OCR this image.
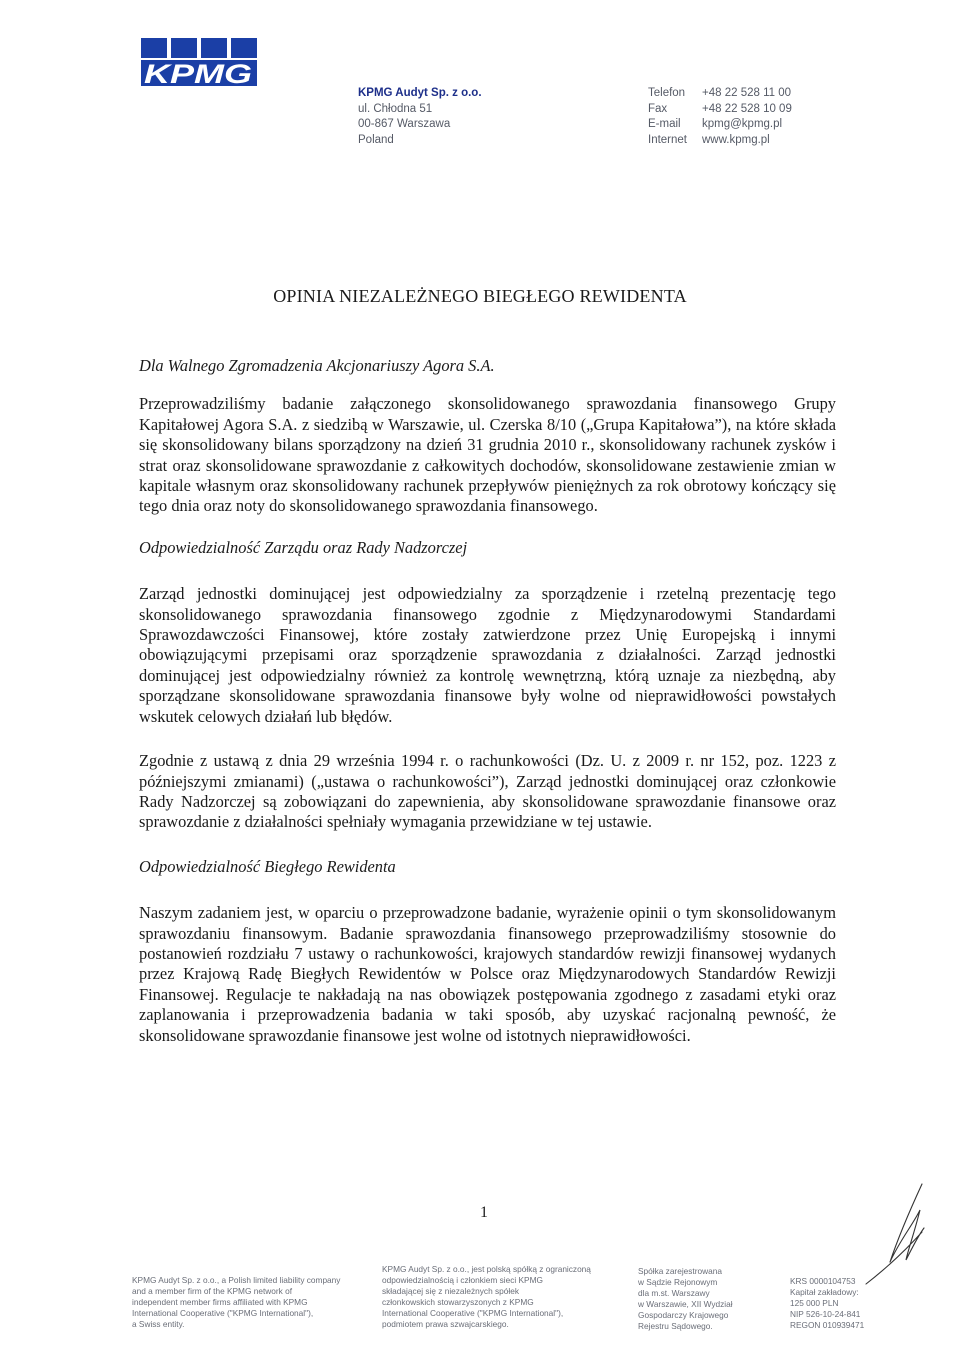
KPMG
KPMG Audyt Sp. z o.o.
ul. Chłodna 51
00-867 Warszawa
Poland
Telefon	+48 22 528 11 00
Fax	+48 22 528 10 09
E-mail	kpmg@kpmg.pl
Internet	www.kpmg.pl
OPINIA NIEZALEŻNEGO BIEGŁEGO REWIDENTA

Dla Walnego Zgromadzenia Akcjonariuszy Agora S.A.

Przeprowadziliśmy badanie załączonego skonsolidowanego sprawozdania finansowego Grupy Kapitałowej Agora S.A. z siedzibą w Warszawie, ul. Czerska 8/10 („Grupa Kapitałowa”), na które składa się skonsolidowany bilans sporządzony na dzień 31 grudnia 2010 r., skonsolidowany rachunek zysków i strat oraz skonsolidowane sprawozdanie z całkowitych dochodów, skonsolidowane zestawienie zmian w kapitale własnym oraz skonsolidowany rachunek przepływów pieniężnych za rok obrotowy kończący się tego dnia oraz noty do skonsolidowanego sprawozdania finansowego.

Odpowiedzialność Zarządu oraz Rady Nadzorczej

Zarząd jednostki dominującej jest odpowiedzialny za sporządzenie i rzetelną prezentację tego skonsolidowanego sprawozdania finansowego zgodnie z Międzynarodowymi Standardami Sprawozdawczości Finansowej, które zostały zatwierdzone przez Unię Europejską i innymi obowiązującymi przepisami oraz sporządzenie sprawozdania z działalności. Zarząd jednostki dominującej jest odpowiedzialny również za kontrolę wewnętrzną, którą uznaje za niezbędną, aby sporządzane skonsolidowane sprawozdania finansowe były wolne od nieprawidłowości powstałych wskutek celowych działań lub błędów.

Zgodnie z ustawą z dnia 29 września 1994 r. o rachunkowości (Dz. U. z 2009 r. nr 152, poz. 1223 z późniejszymi zmianami) („ustawa o rachunkowości”), Zarząd jednostki dominującej oraz członkowie Rady Nadzorczej są zobowiązani do zapewnienia, aby skonsolidowane sprawozdanie finansowe oraz sprawozdanie z działalności spełniały wymagania przewidziane w tej ustawie.

Odpowiedzialność Biegłego Rewidenta

Naszym zadaniem jest, w oparciu o przeprowadzone badanie, wyrażenie opinii o tym skonsolidowanym sprawozdaniu finansowym. Badanie sprawozdania finansowego przeprowadziliśmy stosownie do postanowień rozdziału 7 ustawy o rachunkowości, krajowych standardów rewizji finansowej wydanych przez Krajową Radę Biegłych Rewidentów w Polsce oraz Międzynarodowych Standardów Rewizji Finansowej. Regulacje te nakładają na nas obowiązek postępowania zgodnego z zasadami etyki oraz zaplanowania i przeprowadzenia badania w taki sposób, aby uzyskać racjonalną pewność, że skonsolidowane sprawozdanie finansowe jest wolne od istotnych nieprawidłowości.

1
KPMG Audyt Sp. z o.o., a Polish limited liability company
and a member firm of the KPMG network of
independent member firms affiliated with KPMG
International Cooperative ("KPMG International"),
a Swiss entity.
KPMG Audyt Sp. z o.o., jest polską spółką z ograniczoną
odpowiedzialnością i członkiem sieci KPMG
składającej się z niezależnych spółek
członkowskich stowarzyszonych z KPMG
International Cooperative ("KPMG International"),
podmiotem prawa szwajcarskiego.
Spółka zarejestrowana
w Sądzie Rejonowym
dla m.st. Warszawy
w Warszawie, XII Wydział
Gospodarczy Krajowego
Rejestru Sądowego.
KRS 0000104753
Kapitał zakładowy:
125 000 PLN
NIP 526-10-24-841
REGON 010939471
